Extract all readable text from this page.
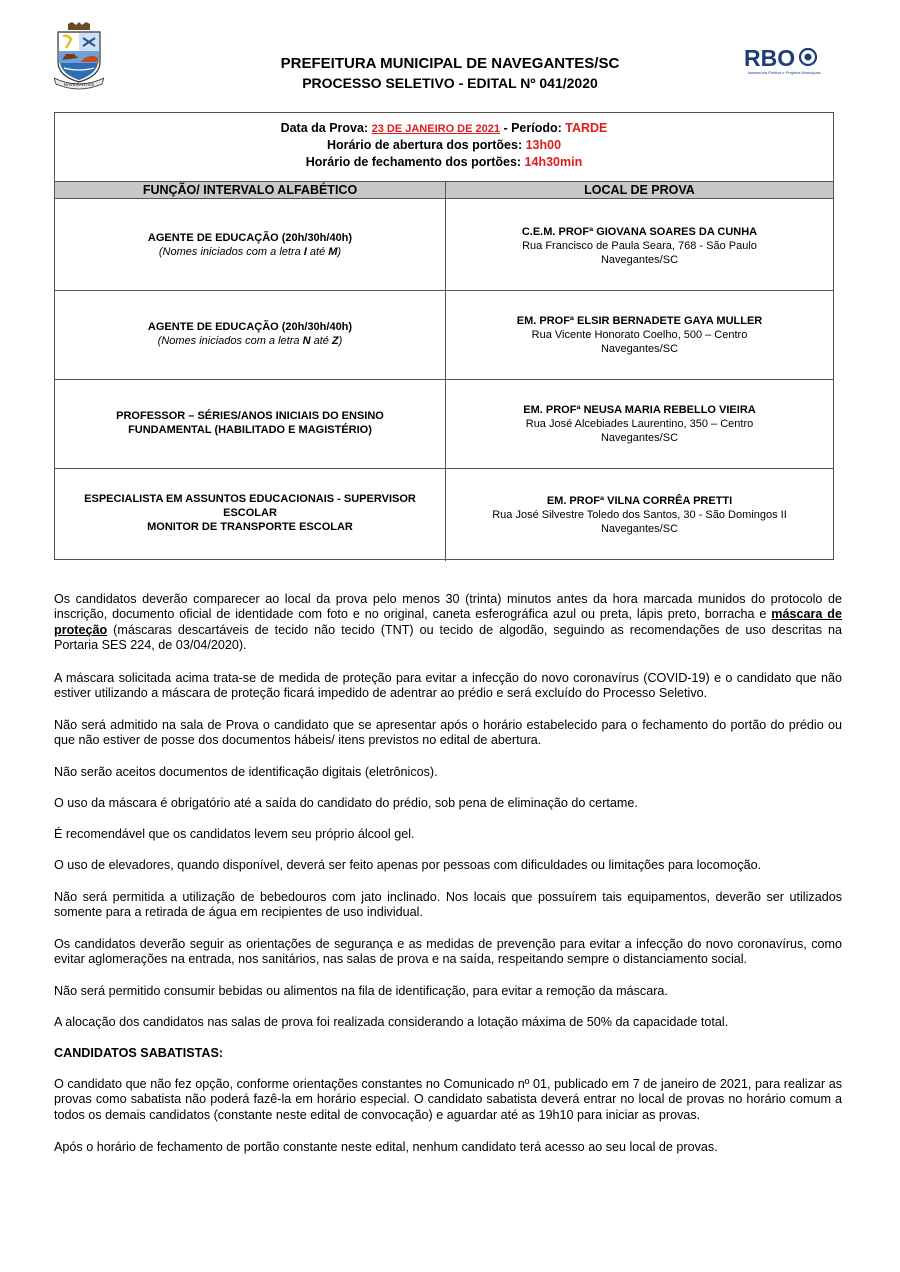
NAVEGANTES
PREFEITURA MUNICIPAL DE NAVEGANTES/SC
PROCESSO SELETIVO - EDITAL Nº 041/2020
RBO
Assessoria Pública e Projetos Municipais
Data da Prova: 23 DE JANEIRO DE 2021 - Período: TARDE
Horário de abertura dos portões: 13h00
Horário de fechamento dos portões: 14h30min
FUNÇÃO/ INTERVALO ALFABÉTICO	LOCAL DE PROVA
AGENTE DE EDUCAÇÃO (20h/30h/40h)
(Nomes iniciados com a letra I até M)
C.E.M. PROFª GIOVANA SOARES DA CUNHA
Rua Francisco de Paula Seara, 768 - São Paulo
Navegantes/SC
AGENTE DE EDUCAÇÃO (20h/30h/40h)
(Nomes iniciados com a letra N até Z)
EM. PROFª ELSIR BERNADETE GAYA MULLER
Rua Vicente Honorato Coelho, 500 – Centro
Navegantes/SC
PROFESSOR – SÉRIES/ANOS INICIAIS DO ENSINO
FUNDAMENTAL (HABILITADO E MAGISTÉRIO)
EM. PROFª NEUSA MARIA REBELLO VIEIRA
Rua José Alcebiades Laurentino, 350 – Centro
Navegantes/SC
ESPECIALISTA EM ASSUNTOS EDUCACIONAIS - SUPERVISOR
ESCOLAR
MONITOR DE TRANSPORTE ESCOLAR
EM. PROFª VILNA CORRÊA PRETTI
Rua José Silvestre Toledo dos Santos, 30 - São Domingos II
Navegantes/SC
Os candidatos deverão comparecer ao local da prova pelo menos 30 (trinta) minutos antes da hora marcada munidos do protocolo de inscrição, documento oficial de identidade com foto e no original, caneta esferográfica azul ou preta, lápis preto, borracha e máscara de proteção (máscaras descartáveis de tecido não tecido (TNT) ou tecido de algodão, seguindo as recomendações de uso descritas na Portaria SES 224, de 03/04/2020).
A máscara solicitada acima trata-se de medida de proteção para evitar a infecção do novo coronavírus (COVID-19) e o candidato que não estiver utilizando a máscara de proteção ficará impedido de adentrar ao prédio e será excluído do Processo Seletivo.
Não será admitido na sala de Prova o candidato que se apresentar após o horário estabelecido para o fechamento do portão do prédio ou que não estiver de posse dos documentos hábeis/ itens previstos no edital de abertura.
Não serão aceitos documentos de identificação digitais (eletrônicos).
O uso da máscara é obrigatório até a saída do candidato do prédio, sob pena de eliminação do certame.
É recomendável que os candidatos levem seu próprio álcool gel.
O uso de elevadores, quando disponível, deverá ser feito apenas por pessoas com dificuldades ou limitações para locomoção.
Não será permitida a utilização de bebedouros com jato inclinado. Nos locais que possuírem tais equipamentos, deverão ser utilizados somente para a retirada de água em recipientes de uso individual.
Os candidatos deverão seguir as orientações de segurança e as medidas de prevenção para evitar a infecção do novo coronavírus, como evitar aglomerações na entrada, nos sanitários, nas salas de prova e na saída, respeitando sempre o distanciamento social.
Não será permitido consumir bebidas ou alimentos na fila de identificação, para evitar a remoção da máscara.
A alocação dos candidatos nas salas de prova foi realizada considerando a lotação máxima de 50% da capacidade total.
CANDIDATOS SABATISTAS:
O candidato que não fez opção, conforme orientações constantes no Comunicado nº 01, publicado em 7 de janeiro de 2021, para realizar as provas como sabatista não poderá fazê-la em horário especial. O candidato sabatista deverá entrar no local de provas no horário comum a todos os demais candidatos (constante neste edital de convocação) e aguardar até as 19h10 para iniciar as provas.
Após o horário de fechamento de portão constante neste edital, nenhum candidato terá acesso ao seu local de provas.
